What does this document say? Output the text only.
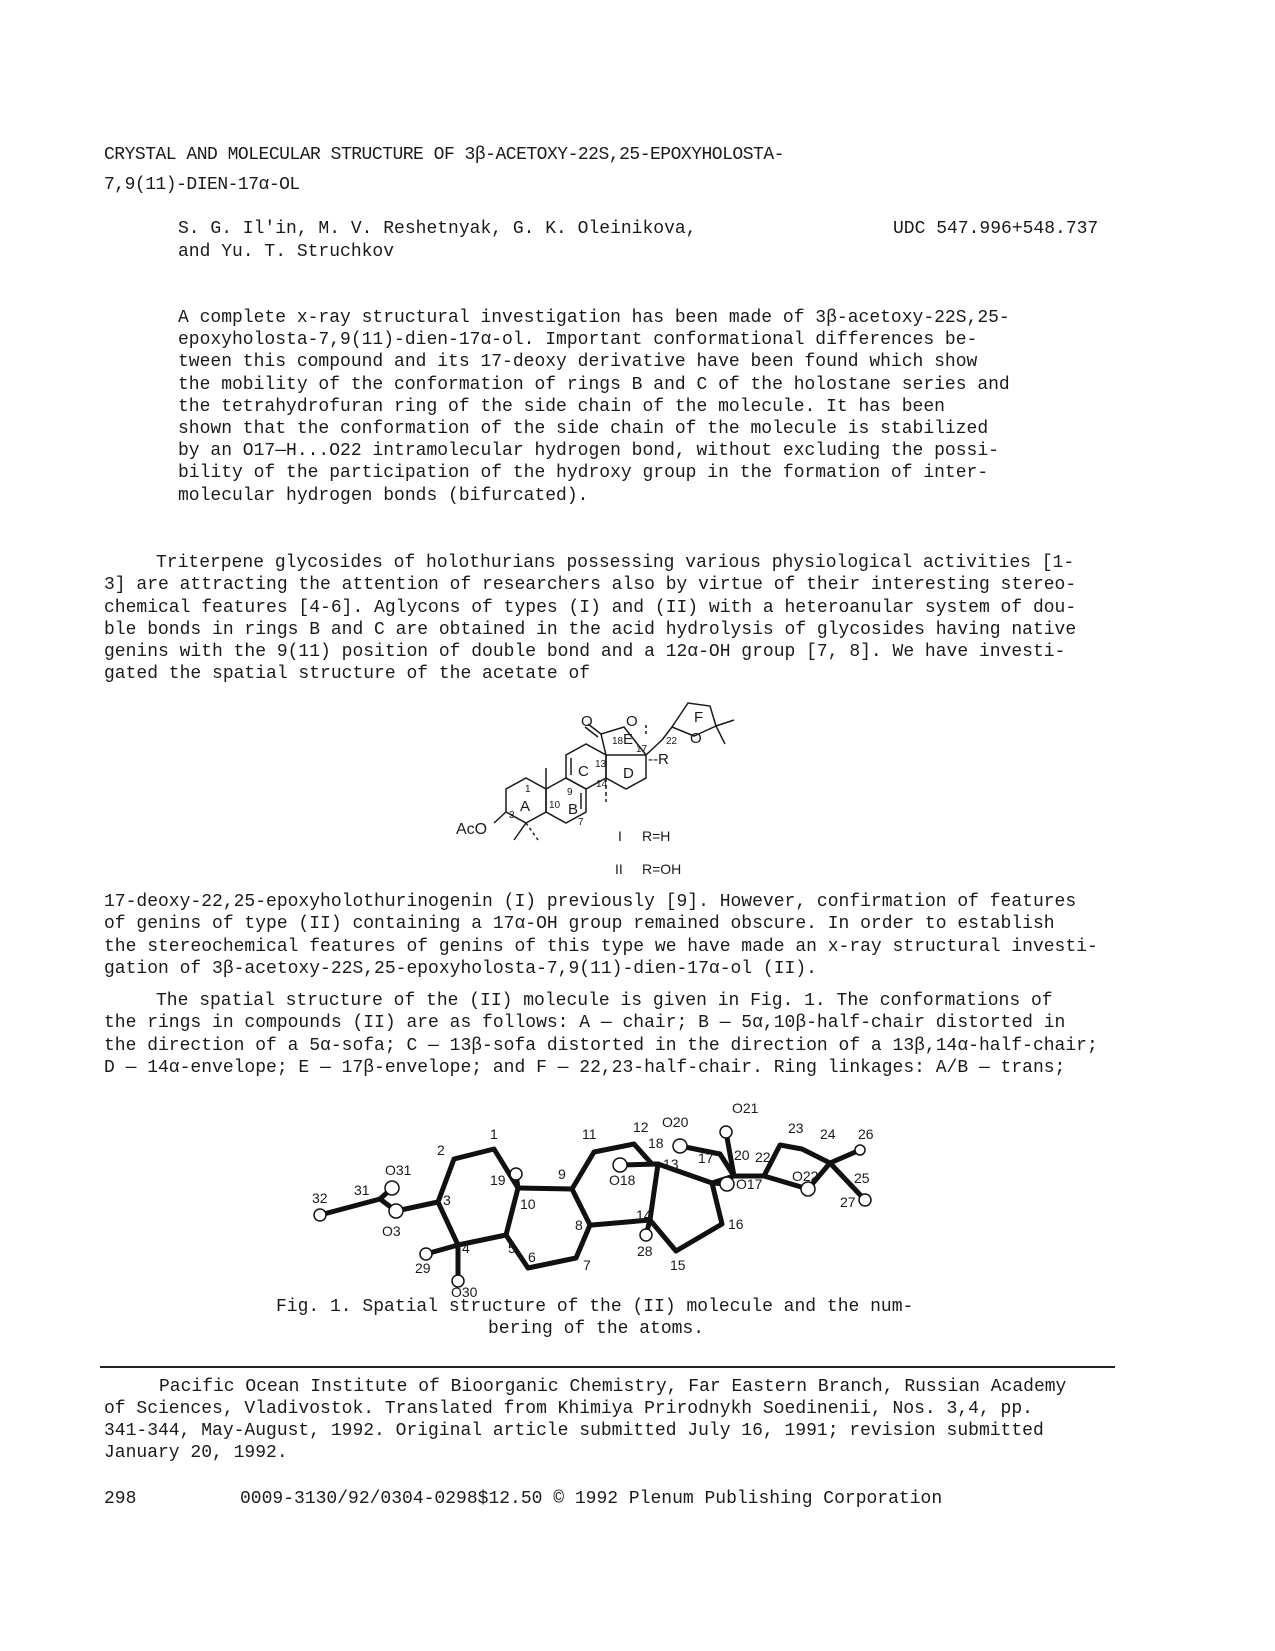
CRYSTAL AND MOLECULAR STRUCTURE OF 3β-ACETOXY-22S,25-EPOXYHOLOSTA-
7,9(11)-DIEN-17α-OL
S. G. Il'in, M. V. Reshetnyak, G. K. Oleinikova,
and Yu. T. Struchkov
UDC 547.996+548.737
A complete x-ray structural investigation has been made of 3β-acetoxy-22S,25-
epoxyholosta-7,9(11)-dien-17α-ol. Important conformational differences be-
tween this compound and its 17-deoxy derivative have been found which show
the mobility of the conformation of rings B and C of the holostane series and
the tetrahydrofuran ring of the side chain of the molecule. It has been
shown that the conformation of the side chain of the molecule is stabilized
by an O17—H...O22 intramolecular hydrogen bond, without excluding the possi-
bility of the participation of the hydroxy group in the formation of inter-
molecular hydrogen bonds (bifurcated).
Triterpene glycosides of holothurians possessing various physiological activities [1-
3] are attracting the attention of researchers also by virtue of their interesting stereo-
chemical features [4-6]. Aglycons of types (I) and (II) with a heteroanular system of dou-
ble bonds in rings B and C are obtained in the acid hydrolysis of glycosides having native
genins with the 9(11) position of double bond and a 12α-OH group [7, 8]. We have investi-
gated the spatial structure of the acetate of
A	B
C D
E
F
1
3
7
9
10
13
14
17
18	22
O O
O
--R
AcO	I R=H
II R=OH
17-deoxy-22,25-epoxyholothurinogenin (I) previously [9]. However, confirmation of features
of genins of type (II) containing a 17α-OH group remained obscure. In order to establish
the stereochemical features of genins of this type we have made an x-ray structural investi-
gation of 3β-acetoxy-22S,25-epoxyholosta-7,9(11)-dien-17α-ol (II).
The spatial structure of the (II) molecule is given in Fig. 1. The conformations of
the rings in compounds (II) are as follows: A — chair; B — 5α,10β-half-chair distorted in
the direction of a 5α-sofa; C — 13β-sofa distorted in the direction of a 13β,14α-half-chair;
D — 14α-envelope; E — 17β-envelope; and F — 22,23-half-chair. Ring linkages: A/B — trans;
32 31
O31
O3
3
2
1
4
29
O30
5
6	7
8
10
19	9
11	12
18
O18
O20
13
14
28
15
16
17
O17
20
O21
22
23 24
O22	25
26
27
Fig. 1. Spatial structure of the (II) molecule and the num-
bering of the atoms.
Pacific Ocean Institute of Bioorganic Chemistry, Far Eastern Branch, Russian Academy
of Sciences, Vladivostok. Translated from Khimiya Prirodnykh Soedinenii, Nos. 3,4, pp.
341-344, May-August, 1992. Original article submitted July 16, 1991; revision submitted
January 20, 1992.
298	0009-3130/92/0304-0298$12.50 © 1992 Plenum Publishing Corporation
